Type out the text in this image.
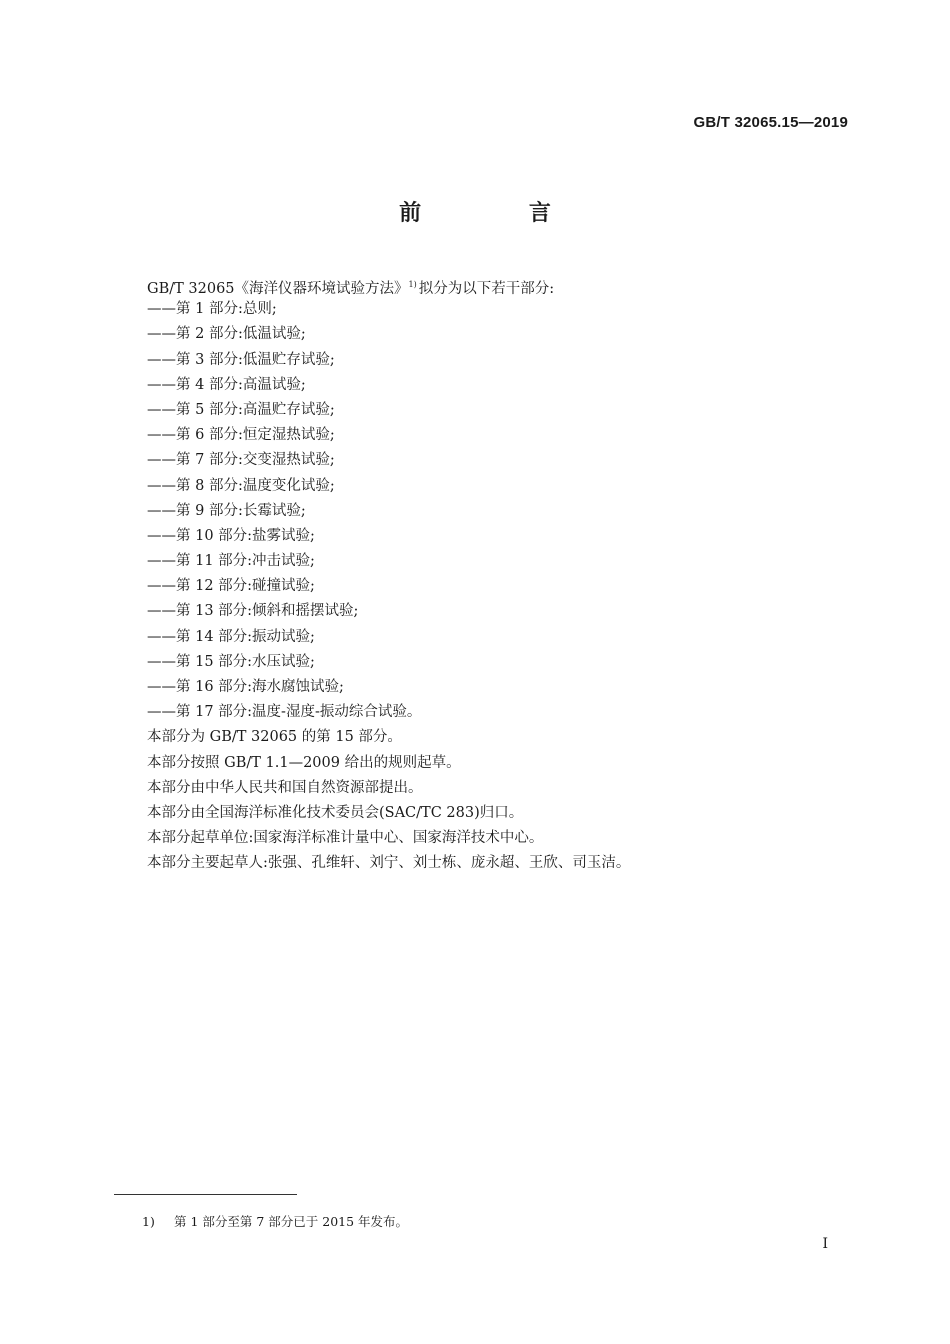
GB/T 32065.15—2019
前 言
GB/T 32065《海洋仪器环境试验方法》$^{1)}$ 拟分为以下若干部分:
——第 1 部分:总则;
——第 2 部分:低温试验;
——第 3 部分:低温贮存试验;
——第 4 部分:高温试验;
——第 5 部分:高温贮存试验;
——第 6 部分:恒定湿热试验;
——第 7 部分:交变湿热试验;
——第 8 部分:温度变化试验;
——第 9 部分:长霉试验;
——第 10 部分:盐雾试验;
——第 11 部分:冲击试验;
——第 12 部分:碰撞试验;
——第 13 部分:倾斜和摇摆试验;
——第 14 部分:振动试验;
——第 15 部分:水压试验;
——第 16 部分:海水腐蚀试验;
——第 17 部分:温度-湿度-振动综合试验。
本部分为 GB/T 32065 的第 15 部分。
本部分按照 GB/T 1.1—2009 给出的规则起草。
本部分由中华人民共和国自然资源部提出。
本部分由全国海洋标准化技术委员会(SAC/TC 283)归口。
本部分起草单位:国家海洋标准计量中心、国家海洋技术中心。
本部分主要起草人:张强、孔维轩、刘宁、刘士栋、庞永超、王欣、司玉洁。
1) 第 1 部分至第 7 部分已于 2015 年发布。
I
